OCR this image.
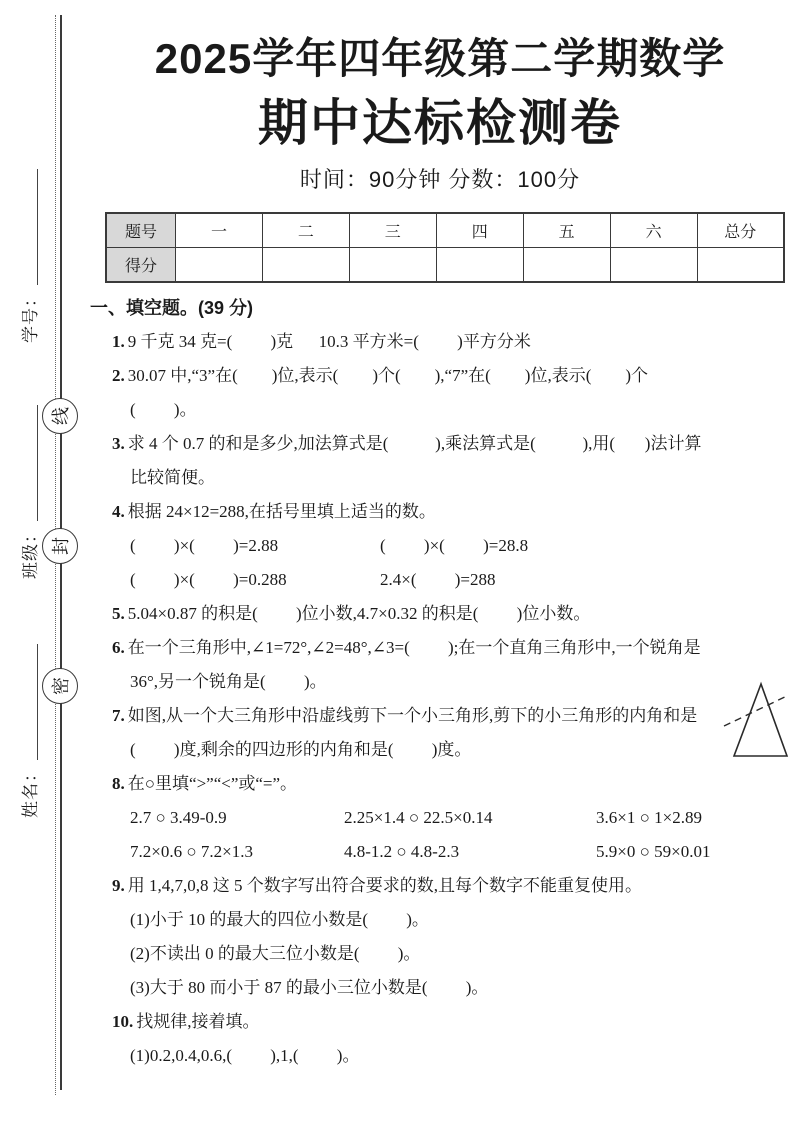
学号：
班级：
姓名：
线
封
密
2025学年四年级第二学期数学
期中达标检测卷
时间：90分钟 分数：100分
题号	一	二	三	四	五	六	总分
得分							
一、填空题。(39 分)
1. 9 千克 34 克=(         )克      10.3 平方米=(         )平方分米
2. 30.07 中,“3”在(        )位,表示(        )个(        ),“7”在(        )位,表示(        )个
(         )。
3. 求 4 个 0.7 的和是多少,加法算式是(           ),乘法算式是(           ),用(       )法计算
比较简便。
4. 根据 24×12=288,在括号里填上适当的数。
(         )×(         )=2.88	(         )×(         )=28.8
(         )×(         )=0.288	2.4×(         )=288
5. 5.04×0.87 的积是(         )位小数,4.7×0.32 的积是(         )位小数。
6. 在一个三角形中,∠1=72°,∠2=48°,∠3=(         );在一个直角三角形中,一个锐角是
36°,另一个锐角是(         )。
7. 如图,从一个大三角形中沿虚线剪下一个小三角形,剪下的小三角形的内角和是
(         )度,剩余的四边形的内角和是(         )度。
8. 在○里填“>”“<”或“=”。
2.7 ○ 3.49-0.9	2.25×1.4 ○ 22.5×0.14	3.6×1 ○ 1×2.89
7.2×0.6 ○ 7.2×1.3	4.8-1.2 ○ 4.8-2.3	5.9×0 ○ 59×0.01
9. 用 1,4,7,0,8 这 5 个数字写出符合要求的数,且每个数字不能重复使用。
(1)小于 10 的最大的四位小数是(         )。
(2)不读出 0 的最大三位小数是(         )。
(3)大于 80 而小于 87 的最小三位小数是(         )。
10. 找规律,接着填。
(1)0.2,0.4,0.6,(         ),1,(         )。
